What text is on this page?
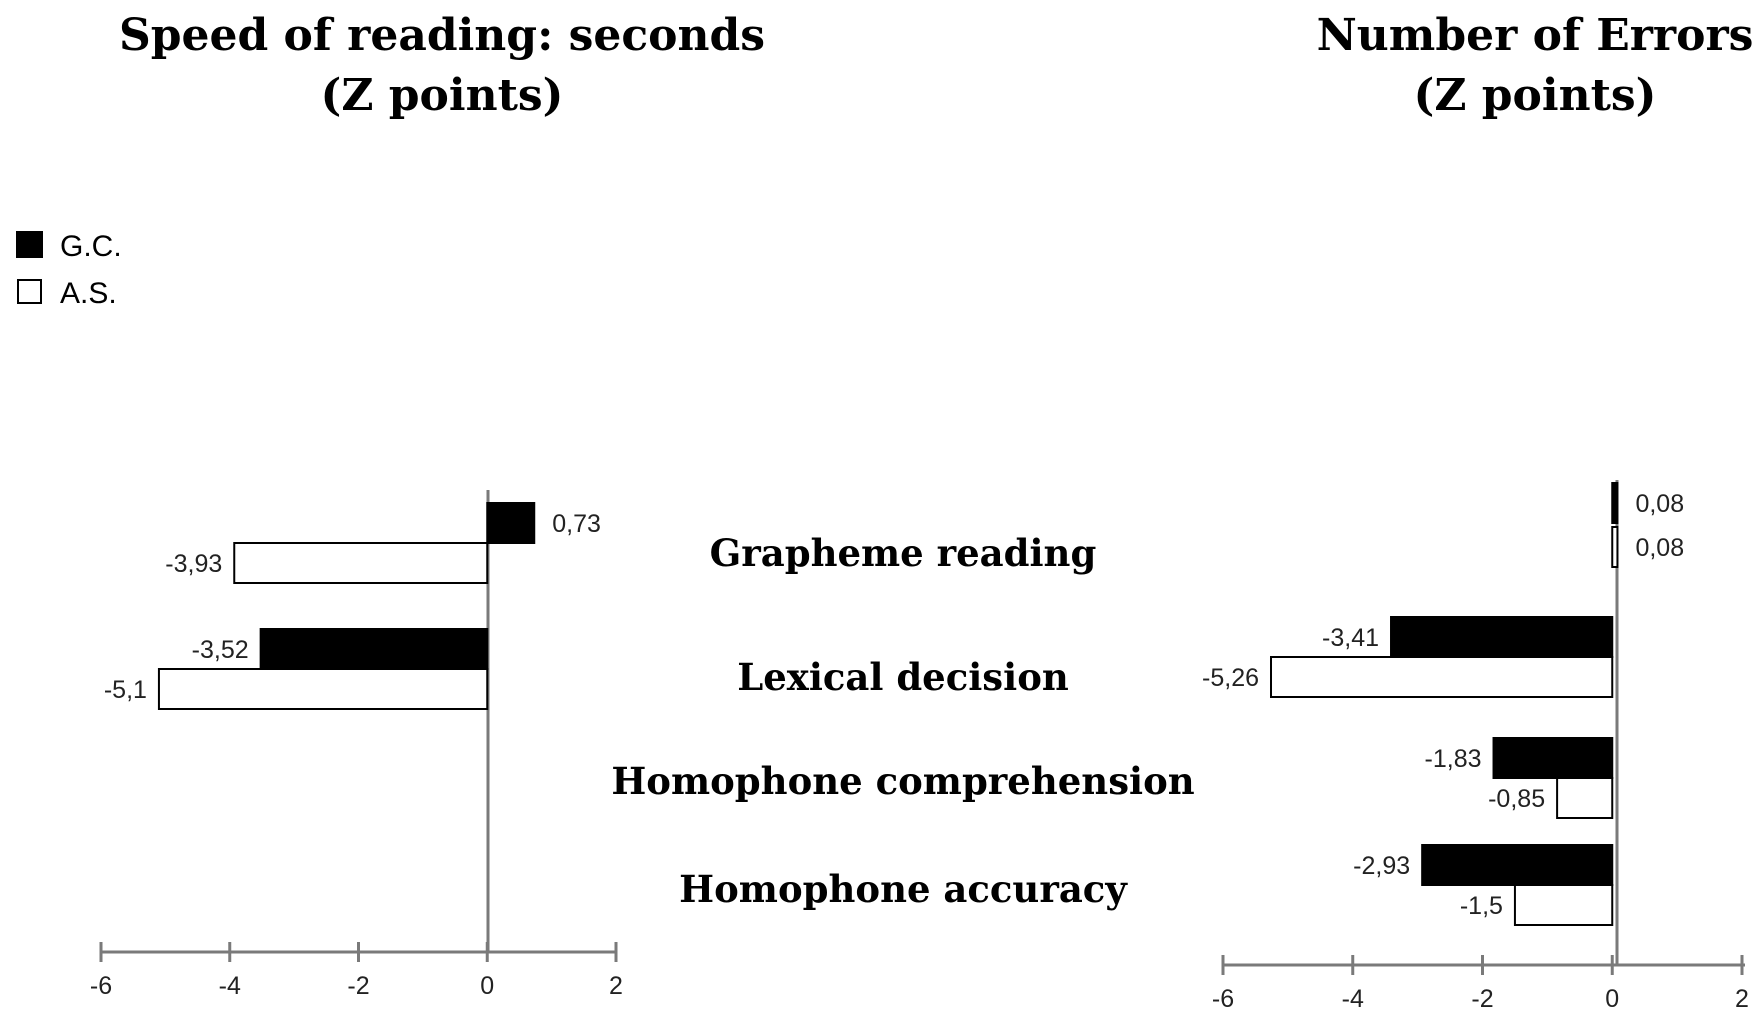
Speed of reading: seconds (Z points)
Number of Errors (Z points)
G.C.
A.S.
Grapheme reading
Lexical decision
Homophone comprehension
Homophone accuracy
-6	-4	-2	0	2
0,73
-3,93
-3,52
-5,1
-6	-4	-2	0	2
0,08
0,08
-3,41
-5,26
-1,83
-0,85
-2,93
-1,5
